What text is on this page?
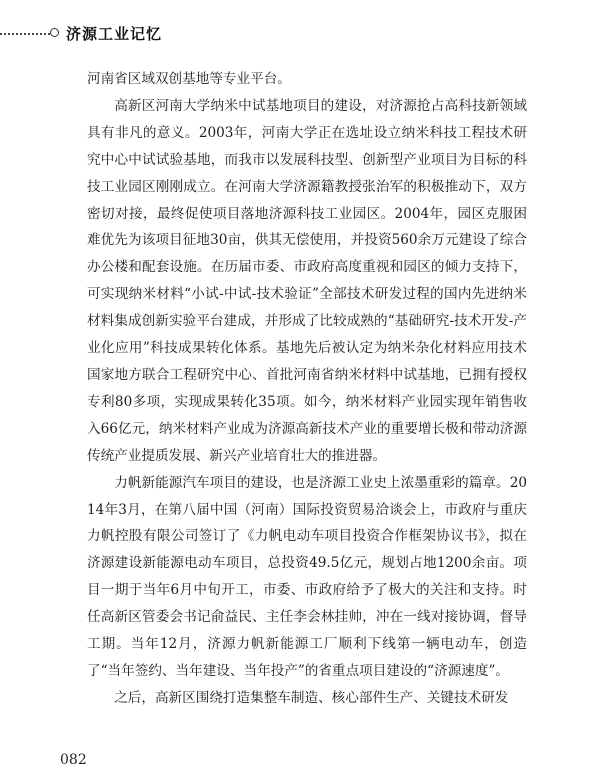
济源工业记忆

河南省区域双创基地等专业平台。

高新区河南大学纳米中试基地项目的建设，对济源抢占高科技新领域具有非凡的意义。2003年，河南大学正在选址设立纳米科技工程技术研究中心中试试验基地，而我市以发展科技型、创新型产业项目为目标的科技工业园区刚刚成立。在河南大学济源籍教授张治军的积极推动下，双方密切对接，最终促使项目落地济源科技工业园区。2004年，园区克服困难优先为该项目征地30亩，供其无偿使用，并投资560余万元建设了综合办公楼和配套设施。在历届市委、市政府高度重视和园区的倾力支持下，可实现纳米材料“小试-中试-技术验证”全部技术研发过程的国内先进纳米材料集成创新实验平台建成，并形成了比较成熟的“基础研究-技术开发-产业化应用”科技成果转化体系。基地先后被认定为纳米杂化材料应用技术国家地方联合工程研究中心、首批河南省纳米材料中试基地，已拥有授权专利80多项，实现成果转化35项。如今，纳米材料产业园实现年销售收入66亿元，纳米材料产业成为济源高新技术产业的重要增长极和带动济源传统产业提质发展、新兴产业培育壮大的推进器。

力帆新能源汽车项目的建设，也是济源工业史上浓墨重彩的篇章。2014年3月，在第八届中国（河南）国际投资贸易洽谈会上，市政府与重庆力帆控股有限公司签订了《力帆电动车项目投资合作框架协议书》，拟在济源建设新能源电动车项目，总投资49.5亿元，规划占地1200余亩。项目一期于当年6月中旬开工，市委、市政府给予了极大的关注和支持。时任高新区管委会书记俞益民、主任李会林挂帅，冲在一线对接协调，督导工期。当年12月，济源力帆新能源工厂顺利下线第一辆电动车，创造了“当年签约、当年建设、当年投产”的省重点项目建设的“济源速度”。

之后，高新区围绕打造集整车制造、核心部件生产、关键技术研发

082
